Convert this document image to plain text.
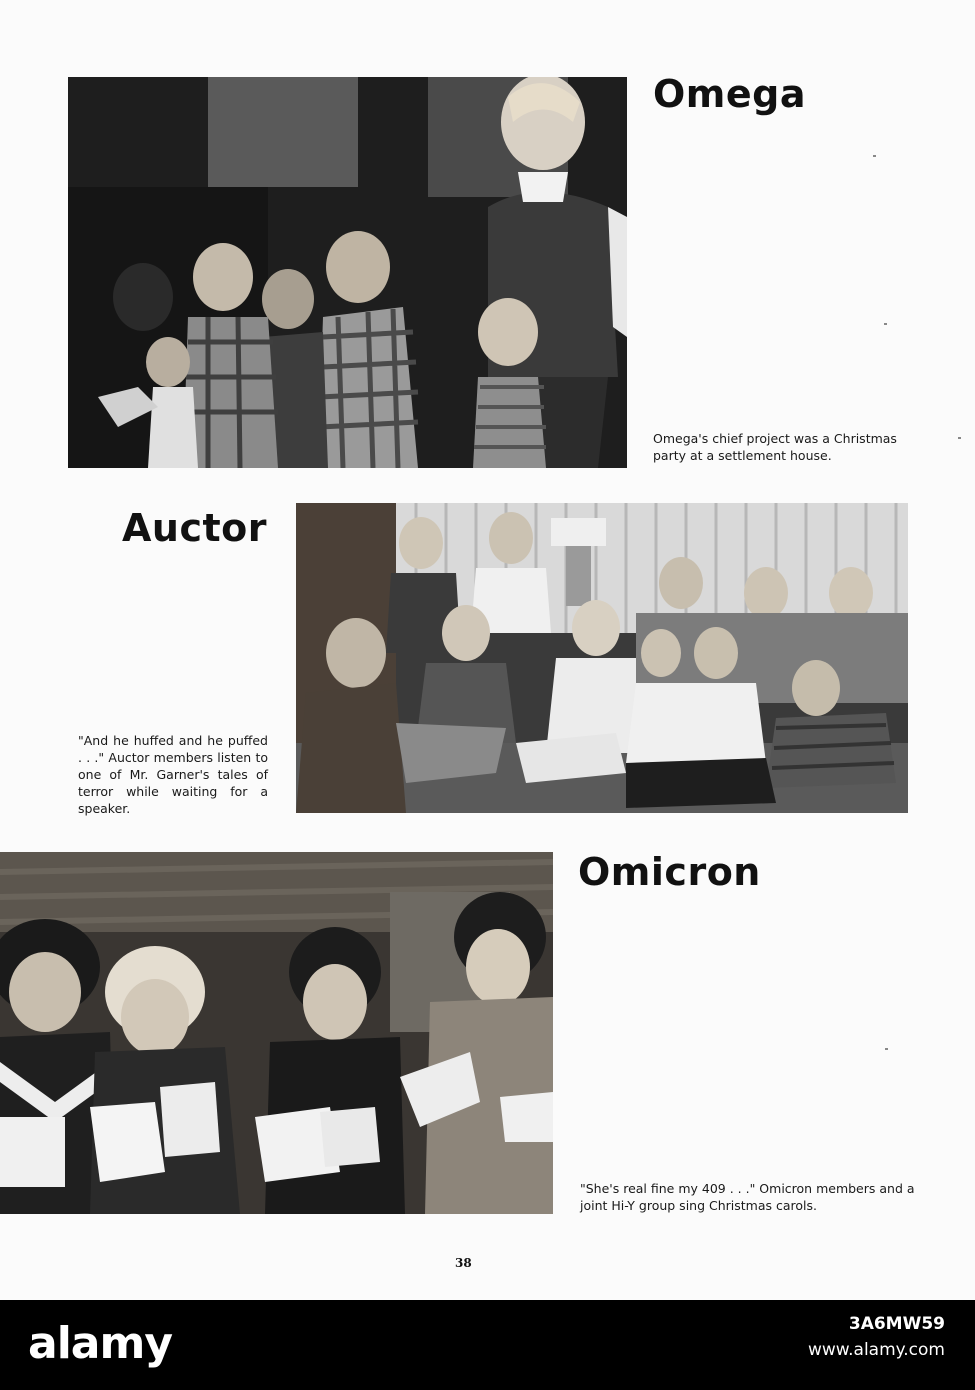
Omega

Omega's chief project was a Christmas party at a settlement house.

Auctor

"And he huffed and he puffed . . ." Auctor members listen to one of Mr. Garner's tales of terror while waiting for a speaker.

Omicron

"She's real fine my 409 . . ." Omicron members and a joint Hi-Y group sing Christmas carols.

38
alamy	3A6MW59
www.alamy.com
